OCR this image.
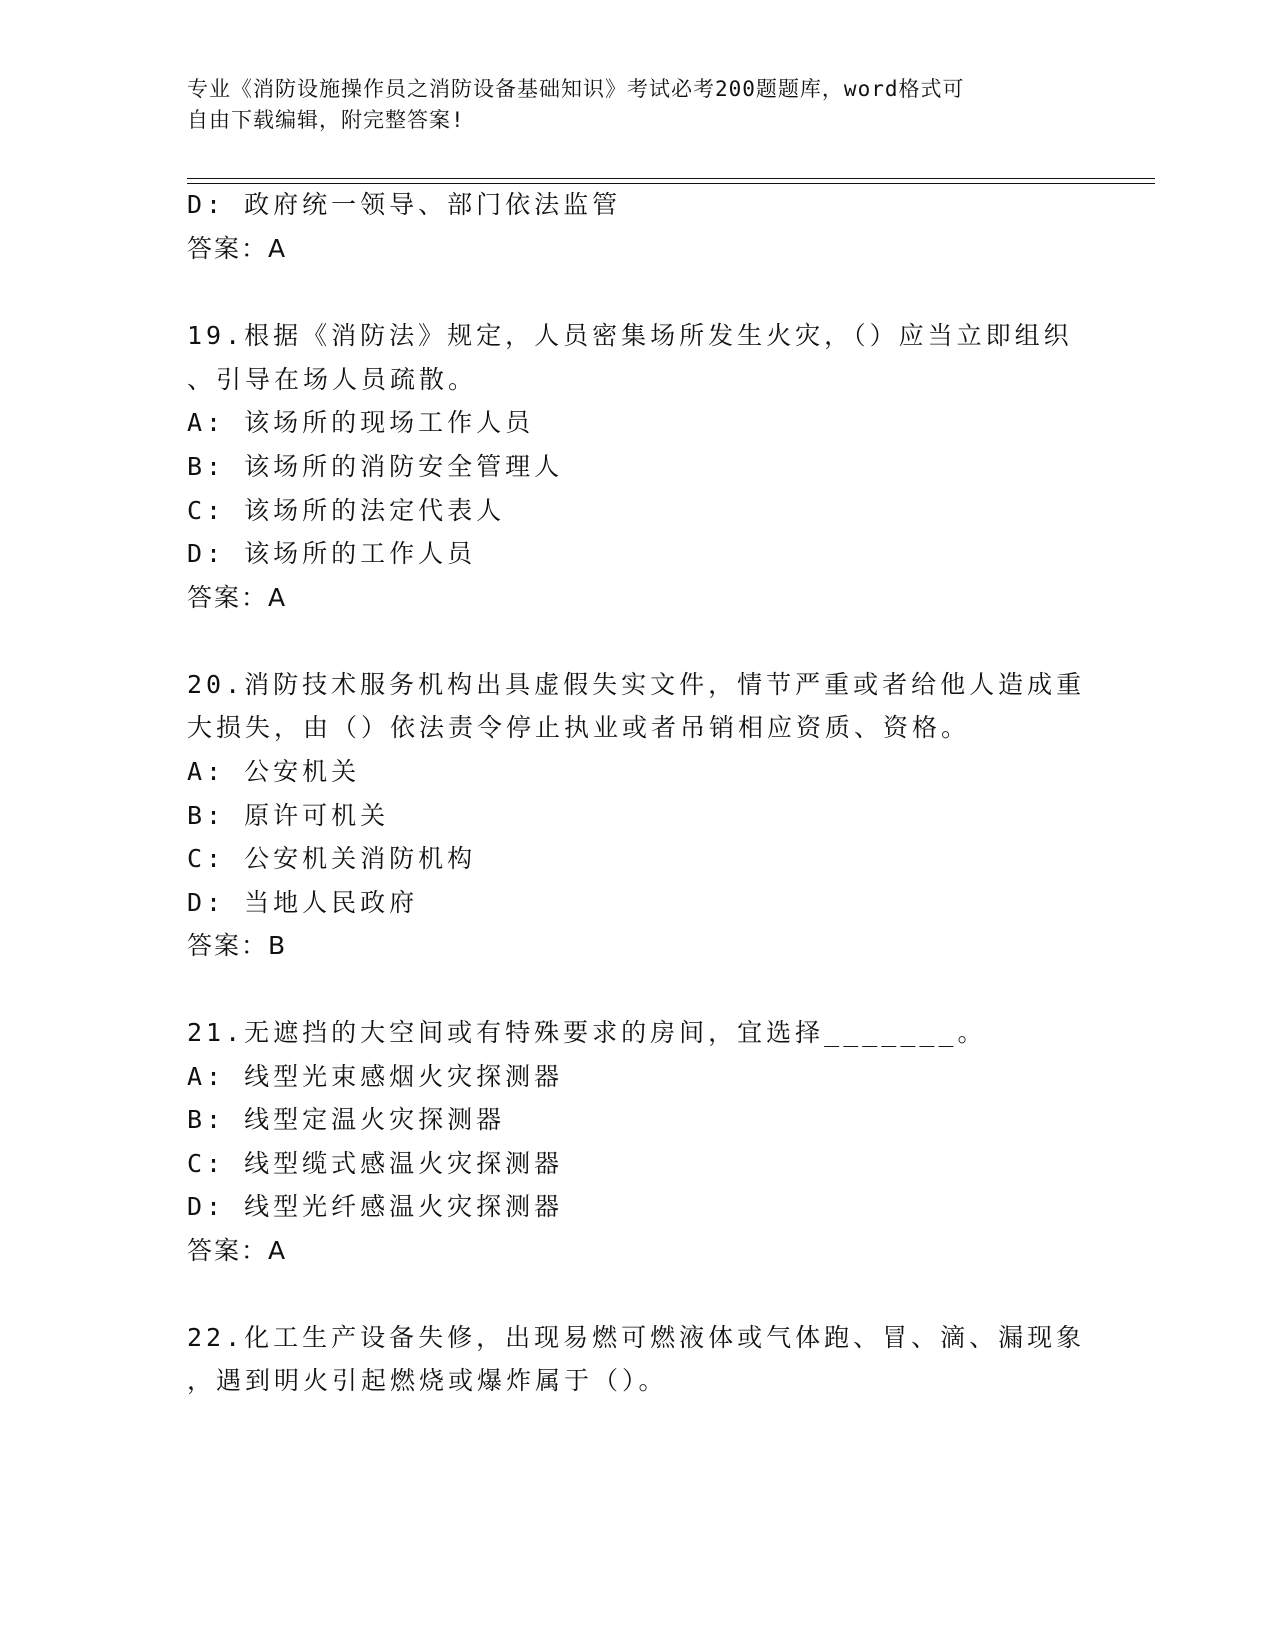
专业《消防设施操作员之消防设备基础知识》考试必考200题题库，word格式可
自由下载编辑，附完整答案!
D: 政府统一领导、部门依法监管
答案：A
19.根据《消防法》规定，人员密集场所发生火灾，（）应当立即组织
、引导在场人员疏散。
A: 该场所的现场工作人员
B: 该场所的消防安全管理人
C: 该场所的法定代表人
D: 该场所的工作人员
答案：A
20.消防技术服务机构出具虚假失实文件，情节严重或者给他人造成重
大损失，由（）依法责令停止执业或者吊销相应资质、资格。
A: 公安机关
B: 原许可机关
C: 公安机关消防机构
D: 当地人民政府
答案：B
21.无遮挡的大空间或有特殊要求的房间，宜选择_______。
A: 线型光束感烟火灾探测器
B: 线型定温火灾探测器
C: 线型缆式感温火灾探测器
D: 线型光纤感温火灾探测器
答案：A
22.化工生产设备失修，出现易燃可燃液体或气体跑、冒、滴、漏现象
，遇到明火引起燃烧或爆炸属于（）。
